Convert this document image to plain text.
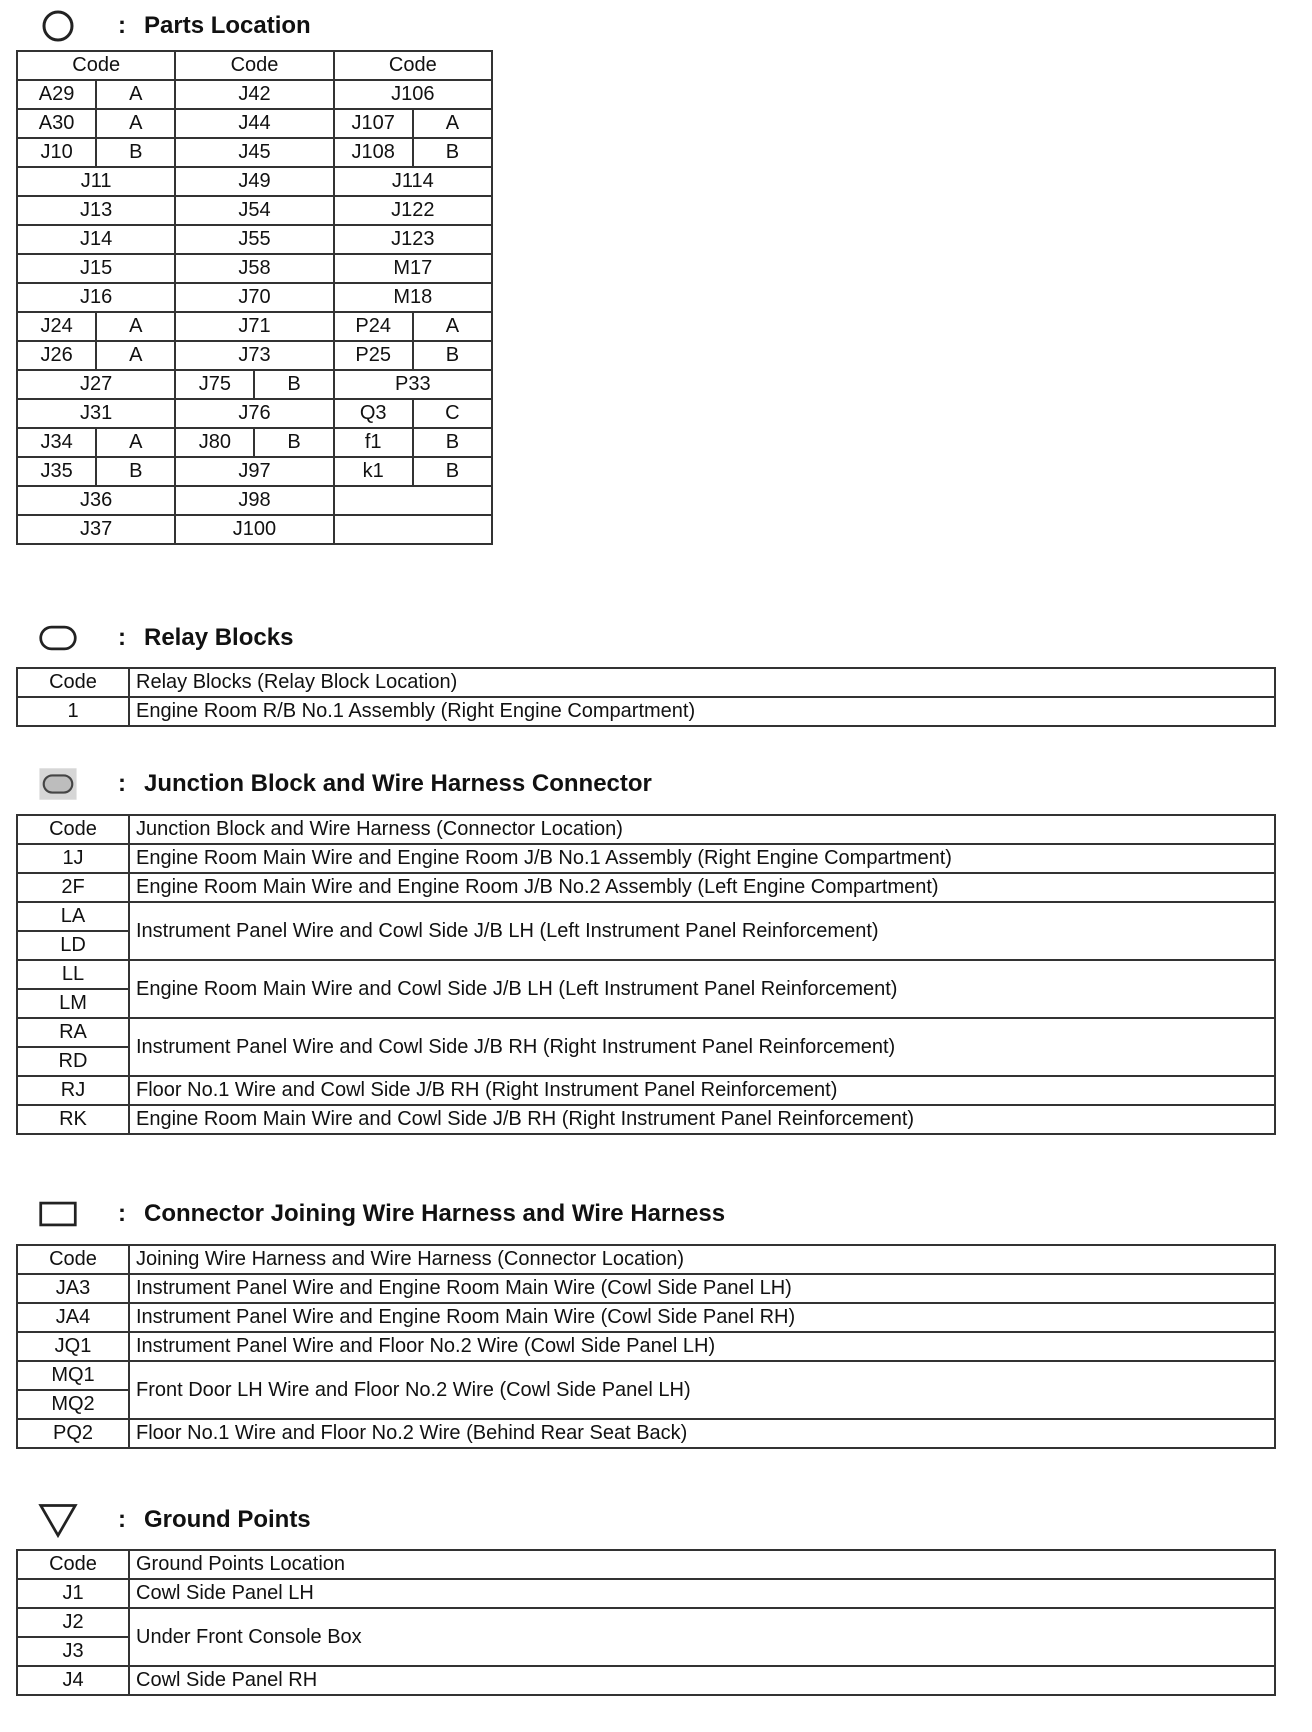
: Parts Location
Code		Code		Code	
A29	A	J42		J106	
A30	A	J44		J107	A
J10	B	J45		J108	B
J11		J49		J114	
J13		J54		J122	
J14		J55		J123	
J15		J58		M17	
J16		J70		M18	
J24	A	J71		P24	A
J26	A	J73		P25	B
J27		J75	B	P33	
J31		J76		Q3	C
J34	A	J80	B	f1	B
J35	B	J97		k1	B
J36		J98			
J37		J100			
: Relay Blocks
Code	Relay Blocks (Relay Block Location)
1	Engine Room R/B No.1 Assembly (Right Engine Compartment)
: Junction Block and Wire Harness Connector
Code	Junction Block and Wire Harness (Connector Location)
1J	Engine Room Main Wire and Engine Room J/B No.1 Assembly (Right Engine Compartment)
2F	Engine Room Main Wire and Engine Room J/B No.2 Assembly (Left Engine Compartment)
LA	Instrument Panel Wire and Cowl Side J/B LH (Left Instrument Panel Reinforcement)
LD	
LL	Engine Room Main Wire and Cowl Side J/B LH (Left Instrument Panel Reinforcement)
LM	
RA	Instrument Panel Wire and Cowl Side J/B RH (Right Instrument Panel Reinforcement)
RD	
RJ	Floor No.1 Wire and Cowl Side J/B RH (Right Instrument Panel Reinforcement)
RK	Engine Room Main Wire and Cowl Side J/B RH (Right Instrument Panel Reinforcement)
: Connector Joining Wire Harness and Wire Harness
Code	Joining Wire Harness and Wire Harness (Connector Location)
JA3	Instrument Panel Wire and Engine Room Main Wire (Cowl Side Panel LH)
JA4	Instrument Panel Wire and Engine Room Main Wire (Cowl Side Panel RH)
JQ1	Instrument Panel Wire and Floor No.2 Wire (Cowl Side Panel LH)
MQ1	Front Door LH Wire and Floor No.2 Wire (Cowl Side Panel LH)
MQ2	
PQ2	Floor No.1 Wire and Floor No.2 Wire (Behind Rear Seat Back)
: Ground Points
Code	Ground Points Location
J1	Cowl Side Panel LH
J2	Under Front Console Box
J3	
J4	Cowl Side Panel RH
